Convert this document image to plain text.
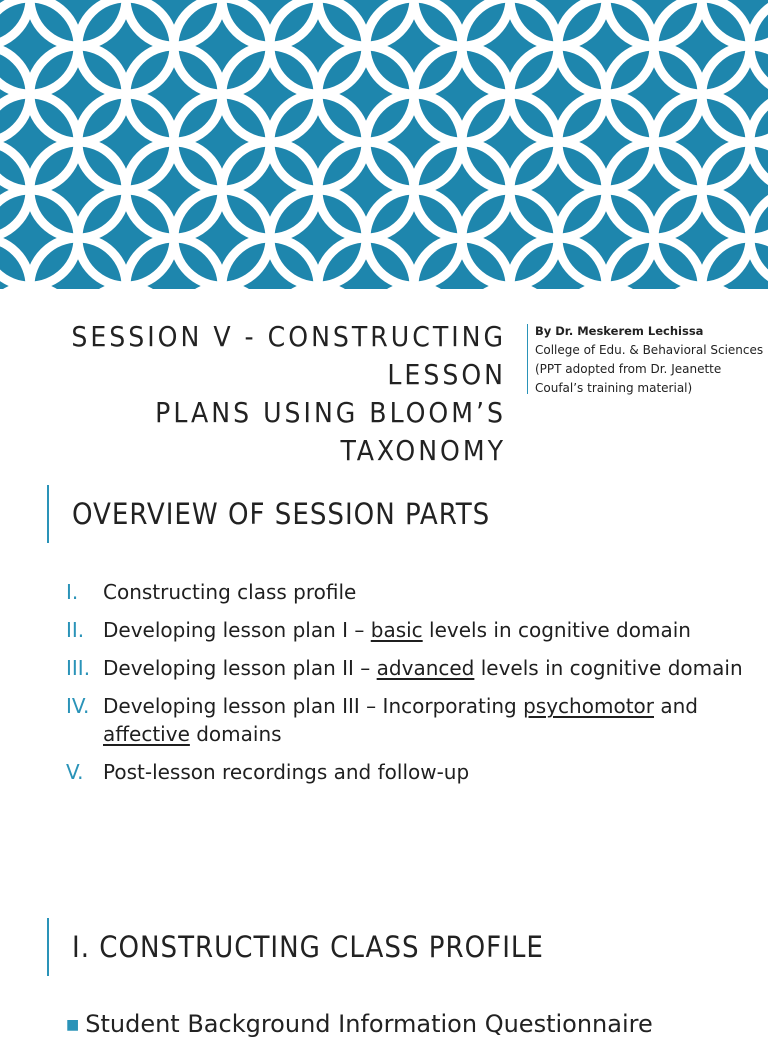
SESSION V - CONSTRUCTING LESSON
PLANS USING BLOOM’S TAXONOMY
By Dr. Meskerem Lechissa
College of Edu. & Behavioral Sciences
(PPT adopted from Dr. Jeanette
Coufal’s training material)
OVERVIEW OF SESSION PARTS
I. Constructing class profile
II. Developing lesson plan I – basic levels in cognitive domain
III. Developing lesson plan II – advanced levels in cognitive domain
IV. Developing lesson plan III – Incorporating psychomotor and affective domains
V. Post-lesson recordings and follow-up
I. CONSTRUCTING CLASS PROFILE
■ Student Background Information Questionnaire
